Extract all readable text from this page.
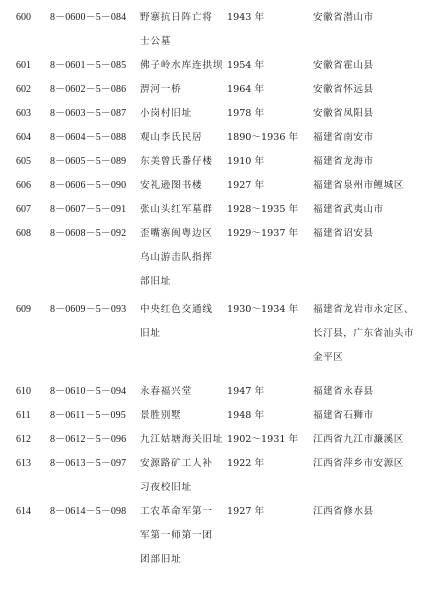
600	8－0600－5－084	野寨抗日阵亡将
士公墓
1943 年	安徽省潜山市
601	8－0601－5－085	佛子岭水库连拱坝 1954 年	安徽省霍山县
602	8－0602－5－086	淠河一桥	1964 年	安徽省怀远县
603	8－0603－5－087	小岗村旧址	1978 年	安徽省凤阳县
604	8－0604－5－088	观山李氏民居	1890～1936 年	福建省南安市
605	8－0605－5－089	东美曾氏番仔楼	1910 年	福建省龙海市
606	8－0606－5－090	安礼逊图书楼	1927 年	福建省泉州市鲤城区
607	8－0607－5－091	张山头红军墓群	1928～1935 年	福建省武夷山市
608	8－0608－5－092	歪嘴寨闽粤边区
乌山游击队指挥
部旧址
1929～1937 年	福建省诏安县
609	8－0609－5－093	中央红色交通线
旧址
1930～1934 年	福建省龙岩市永定区、
长汀县，广东省汕头市
金平区
610	8－0610－5－094	永春福兴堂	1947 年	福建省永春县
611	8－0611－5－095	景胜别墅	1948 年	福建省石狮市
612	8－0612－5－096	九江姑塘海关旧址 1902～1931 年	江西省九江市濂溪区
613	8－0613－5－097	安源路矿工人补
习夜校旧址
1922 年	江西省萍乡市安源区
614	8－0614－5－098	工农革命军第一
军第一师第一团
团部旧址
1927 年	江西省修水县
